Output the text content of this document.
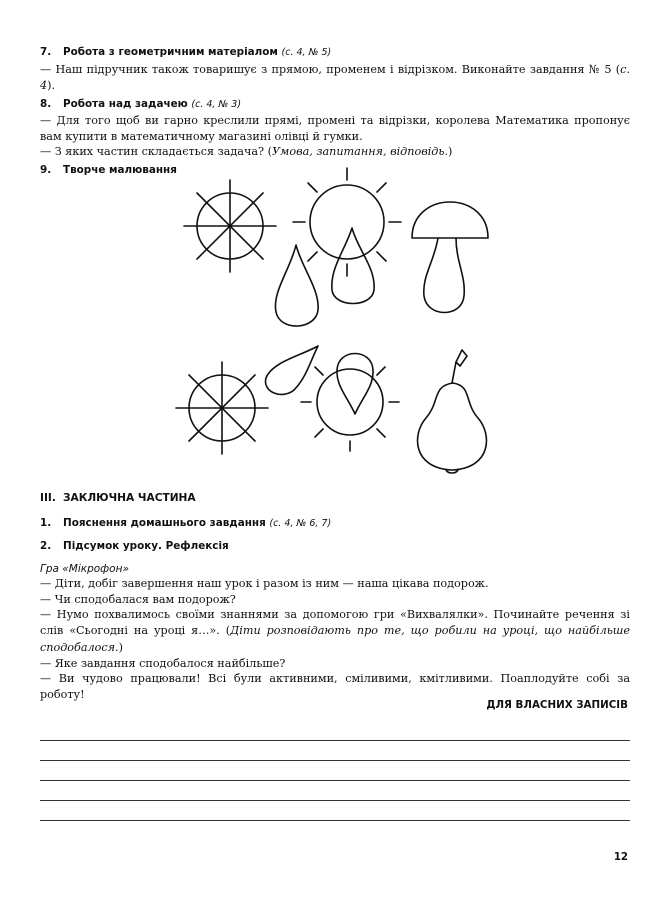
7. Робота з геометричним матеріалом (с. 4, № 5)
— Наш підручник також товаришує з прямою, променем і відрізком. Виконайте завдання № 5 (с. 4).
8. Робота над задачею (с. 4, № 3)
— Для того щоб ви гарно креслили прямі, промені та відрізки, королева Математика пропонує вам купити в математичному магазині олівці й гумки.
— З яких частин складається задача? (Умова, запитання, відповідь.)
9. Творче малювання
ІІІ. ЗАКЛЮЧНА ЧАСТИНА
1. Пояснення домашнього завдання (с. 4, № 6, 7)
2. Підсумок уроку. Рефлексія
Гра «Мікрофон»
— Діти, добіг завершення наш урок і разом із ним — наша цікава подорож.
— Чи сподобалася вам подорож?
— Нумо похвалимось своїми знаннями за допомогою гри «Вихвалялки». Починайте речення зі слів «Сьогодні на уроці я…». (Діти розповідають про те, що робили на уроці, що найбільше сподобалося.)
— Яке завдання сподобалося найбільше?
— Ви чудово працювали! Всі були активними, сміливими, кмітливими. Поаплодуйте собі за роботу!
ДЛЯ ВЛАСНИХ ЗАПИСІВ
12
